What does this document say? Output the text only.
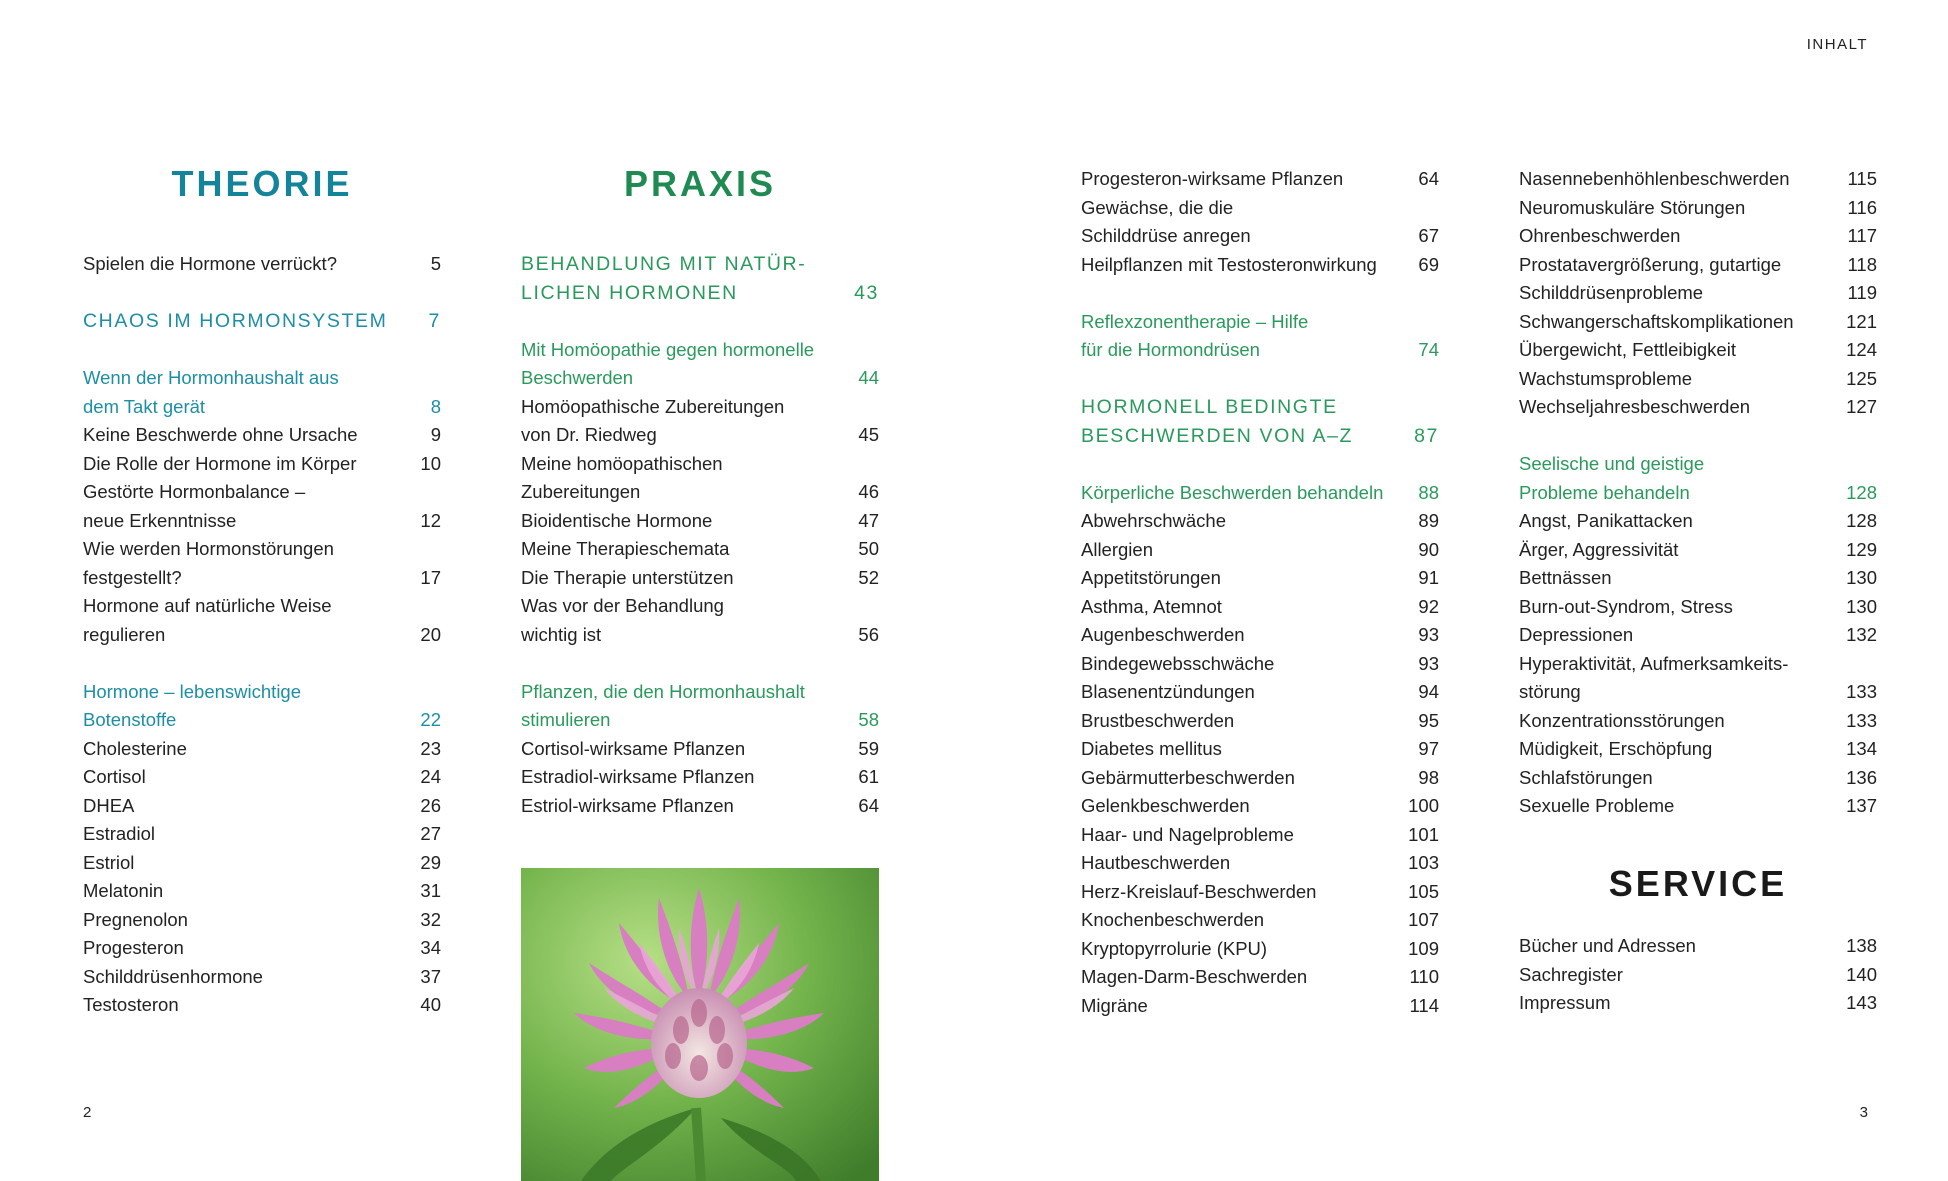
INHALT
THEORIE
Spielen die Hormone verrückt?	5
CHAOS IM HORMONSYSTEM	7
Wenn der Hormonhaushalt aus
dem Takt gerät	8
Keine Beschwerde ohne Ursache	9
Die Rolle der Hormone im Körper	10
Gestörte Hormonbalance –
neue Erkenntnisse	12
Wie werden Hormonstörungen
festgestellt?	17
Hormone auf natürliche Weise
regulieren	20
Hormone – lebenswichtige
Botenstoffe	22
Cholesterine	23
Cortisol	24
DHEA	26
Estradiol	27
Estriol	29
Melatonin	31
Pregnenolon	32
Progesteron	34
Schilddrüsenhormone	37
Testosteron	40
PRAXIS
BEHANDLUNG MIT NATÜR-
LICHEN HORMONEN	43
Mit Homöopathie gegen hormonelle
Beschwerden	44
Homöopathische Zubereitungen
von Dr. Riedweg	45
Meine homöopathischen
Zubereitungen	46
Bioidentische Hormone	47
Meine Therapieschemata	50
Die Therapie unterstützen	52
Was vor der Behandlung
wichtig ist	56
Pflanzen, die den Hormonhaushalt
stimulieren	58
Cortisol-wirksame Pflanzen	59
Estradiol-wirksame Pflanzen	61
Estriol-wirksame Pflanzen	64
Progesteron-wirksame Pflanzen	64
Gewächse, die die
Schilddrüse anregen	67
Heilpflanzen mit Testosteronwirkung	69
Reflexzonentherapie – Hilfe
für die Hormondrüsen	74
HORMONELL BEDINGTE
BESCHWERDEN VON A–Z	87
Körperliche Beschwerden behandeln	88
Abwehrschwäche	89
Allergien	90
Appetitstörungen	91
Asthma, Atemnot	92
Augenbeschwerden	93
Bindegewebsschwäche	93
Blasenentzündungen	94
Brustbeschwerden	95
Diabetes mellitus	97
Gebärmutterbeschwerden	98
Gelenkbeschwerden	100
Haar- und Nagelprobleme	101
Hautbeschwerden	103
Herz-Kreislauf-Beschwerden	105
Knochenbeschwerden	107
Kryptopyrrolurie (KPU)	109
Magen-Darm-Beschwerden	110
Migräne	114
Nasennebenhöhlenbeschwerden	115
Neuromuskuläre Störungen	116
Ohrenbeschwerden	117
Prostatavergrößerung, gutartige	118
Schilddrüsenprobleme	119
Schwangerschaftskomplikationen	121
Übergewicht, Fettleibigkeit	124
Wachstumsprobleme	125
Wechseljahresbeschwerden	127
Seelische und geistige
Probleme behandeln	128
Angst, Panikattacken	128
Ärger, Aggressivität	129
Bettnässen	130
Burn-out-Syndrom, Stress	130
Depressionen	132
Hyperaktivität, Aufmerksamkeits-
störung	133
Konzentrationsstörungen	133
Müdigkeit, Erschöpfung	134
Schlafstörungen	136
Sexuelle Probleme	137
SERVICE
Bücher und Adressen	138
Sachregister	140
Impressum	143
2	3
